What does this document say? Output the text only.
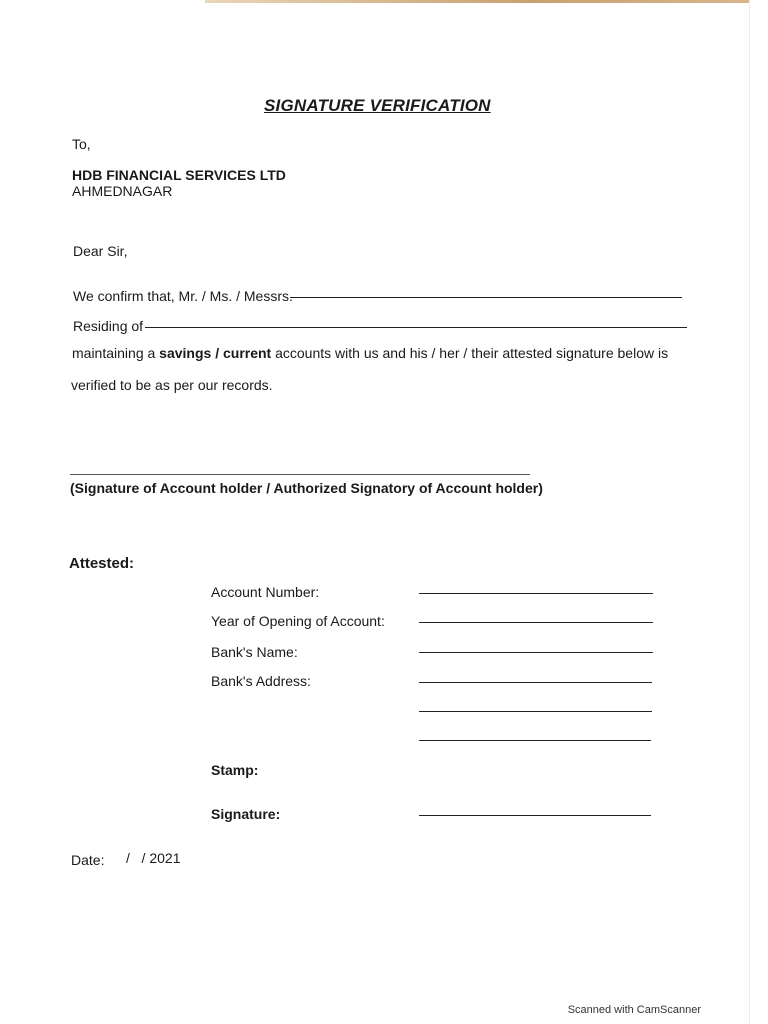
SIGNATURE VERIFICATION
To,
HDB FINANCIAL SERVICES LTD
AHMEDNAGAR
Dear Sir,
We confirm that, Mr. / Ms. / Messrs.
Residing of
maintaining a savings / current accounts with us and his / her / their attested signature below is
verified to be as per our records.
(Signature of Account holder / Authorized Signatory of Account holder)
Attested:
Account Number:
Year of Opening of Account:
Bank's Name:
Bank's Address:
Stamp:
Signature:
Date: /   / 2021
Scanned with CamScanner
